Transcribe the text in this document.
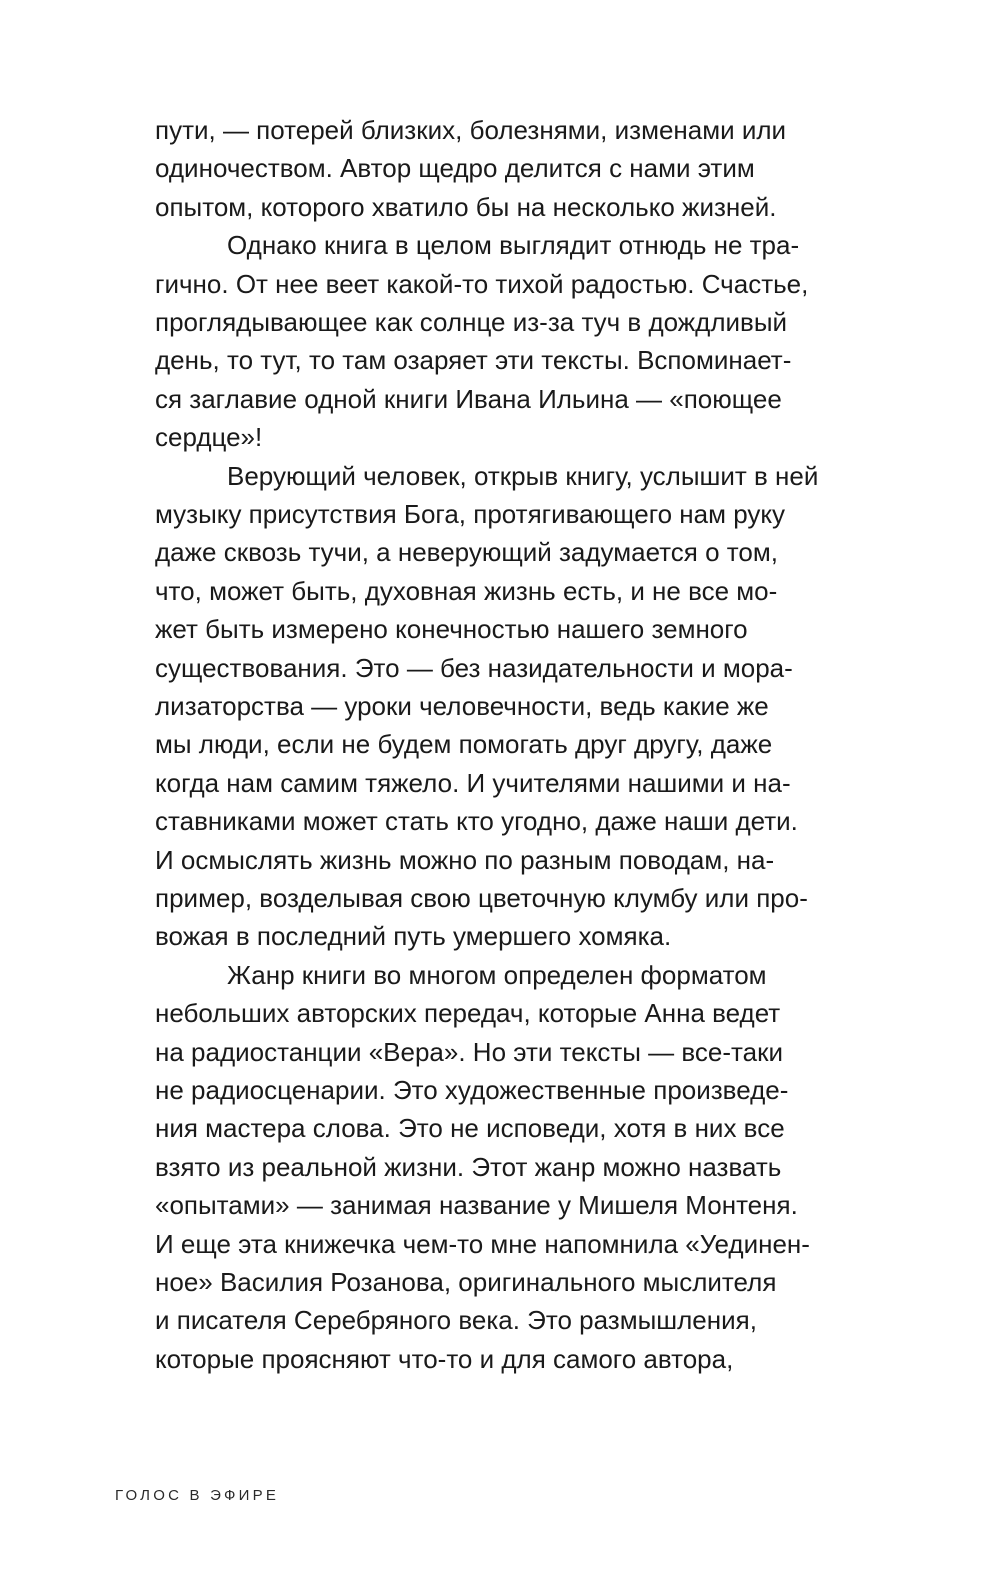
пути, — потерей близких, болезнями, изменами или
одиночеством. Автор щедро делится с нами этим
опытом, которого хватило бы на несколько жизней.
Однако книга в целом выглядит отнюдь не тра-
гично. От нее веет какой-то тихой радостью. Счастье,
проглядывающее как солнце из-за туч в дождливый
день, то тут, то там озаряет эти тексты. Вспоминает-
ся заглавие одной книги Ивана Ильина — «поющее
сердце»!
Верующий человек, открыв книгу, услышит в ней
музыку присутствия Бога, протягивающего нам руку
даже сквозь тучи, а неверующий задумается о том,
что, может быть, духовная жизнь есть, и не все мо-
жет быть измерено конечностью нашего земного
существования. Это — без назидательности и мора-
лизаторства — уроки человечности, ведь какие же
мы люди, если не будем помогать друг другу, даже
когда нам самим тяжело. И учителями нашими и на-
ставниками может стать кто угодно, даже наши дети.
И осмыслять жизнь можно по разным поводам, на-
пример, возделывая свою цветочную клумбу или про-
вожая в последний путь умершего хомяка.
Жанр книги во многом определен форматом
небольших авторских передач, которые Анна ведет
на радиостанции «Вера». Но эти тексты — все-таки
не радиосценарии. Это художественные произведе-
ния мастера слова. Это не исповеди, хотя в них все
взято из реальной жизни. Этот жанр можно назвать
«опытами» — занимая название у Мишеля Монтеня.
И еще эта книжечка чем-то мне напомнила «Уединен-
ное» Василия Розанова, оригинального мыслителя
и писателя Серебряного века. Это размышления,
которые проясняют что-то и для самого автора,
ГОЛОС В ЭФИРЕ
